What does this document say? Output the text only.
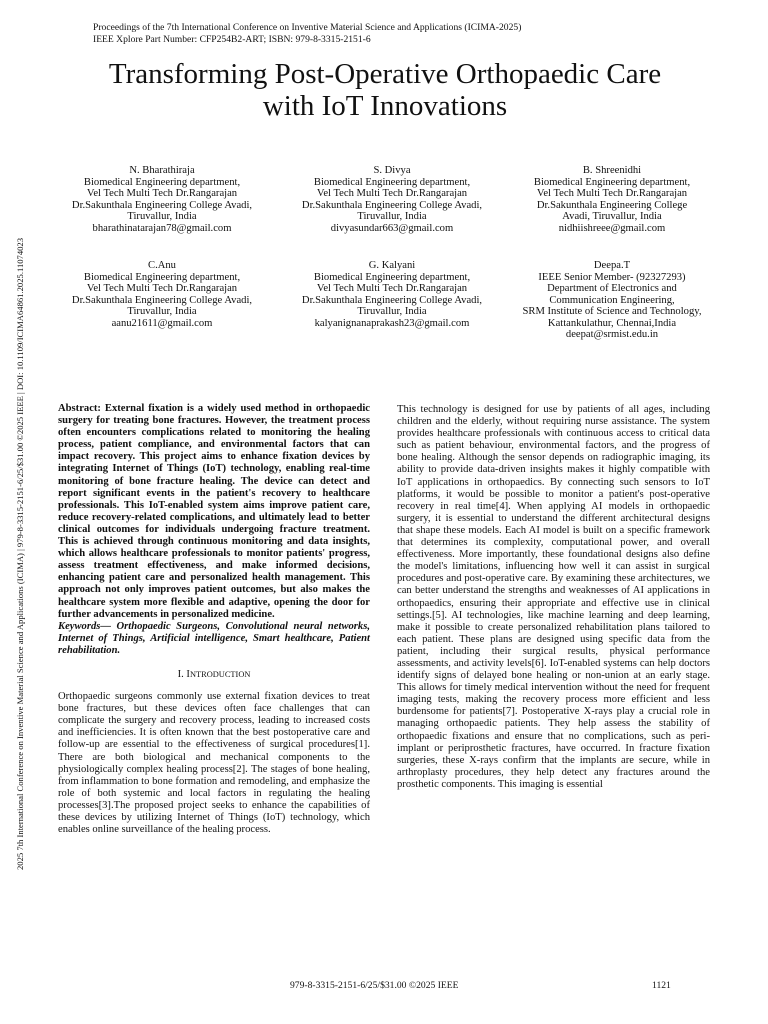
Proceedings of the 7th International Conference on Inventive Material Science and Applications (ICIMA-2025)
IEEE Xplore Part Number: CFP254B2-ART; ISBN: 979-8-3315-2151-6
Transforming Post-Operative Orthopaedic Care
with IoT Innovations
N. Bharathiraja
Biomedical Engineering department,
Vel Tech Multi Tech Dr.Rangarajan
Dr.Sakunthala Engineering College Avadi,
Tiruvallur, India
bharathinatarajan78@gmail.com
S. Divya
Biomedical Engineering department,
Vel Tech Multi Tech Dr.Rangarajan
Dr.Sakunthala Engineering College Avadi,
Tiruvallur, India
divyasundar663@gmail.com
B. Shreenidhi
Biomedical Engineering department,
Vel Tech Multi Tech Dr.Rangarajan
Dr.Sakunthala Engineering College
Avadi, Tiruvallur, India
nidhiishreee@gmail.com
C.Anu
Biomedical Engineering department,
Vel Tech Multi Tech Dr.Rangarajan
Dr.Sakunthala Engineering College Avadi,
Tiruvallur, India
aanu21611@gmail.com
G. Kalyani
Biomedical Engineering department,
Vel Tech Multi Tech Dr.Rangarajan
Dr.Sakunthala Engineering College Avadi,
Tiruvallur, India
kalyanignanaprakash23@gmail.com
Deepa.T
IEEE Senior Member- (92327293)
Department of Electronics and
Communication Engineering,
SRM Institute of Science and Technology,
Kattankulathur, Chennai,India
deepat@srmist.edu.in
2025 7th International Conference on Inventive Material Science and Applications (ICIMA) | 979-8-3315-2151-6/25/$31.00 ©2025 IEEE | DOI: 10.1109/ICIMA64861.2025.11074023	Abstract: External fixation is a widely used method in orthopaedic surgery for treating bone fractures. However, the treatment process often encounters complications related to monitoring the healing process, patient compliance, and environmental factors that can impact recovery. This project aims to enhance fixation devices by integrating Internet of Things (IoT) technology, enabling real-time monitoring of bone fracture healing. The device can detect and report significant events in the patient's recovery to healthcare professionals. This IoT-enabled system aims improve patient care, reduce recovery-related complications, and ultimately lead to better clinical outcomes for individuals undergoing fracture treatment. This is achieved through continuous monitoring and data insights, which allows healthcare professionals to monitor patients' progress, assess treatment effectiveness, and make informed decisions, enhancing patient care and personalized health management. This approach not only improves patient outcomes, but also makes the healthcare system more flexible and adaptive, opening the door for further advancements in personalized medicine.

Keywords— Orthopaedic Surgeons, Convolutional neural networks, Internet of Things, Artificial intelligence, Smart healthcare, Patient rehabilitation.

I. INTRODUCTION

Orthopaedic surgeons commonly use external fixation devices to treat bone fractures, but these devices often face challenges that can complicate the surgery and recovery process, leading to increased costs and inefficiencies. It is often known that the best postoperative care and follow-up are essential to the effectiveness of surgical procedures[1]. There are both biological and mechanical components to the physiologically complex healing process[2]. The stages of bone healing, from inflammation to bone formation and remodeling, and emphasize the role of both systemic and local factors in regulating the healing processes[3].The proposed project seeks to enhance the capabilities of these devices by utilizing Internet of Things (IoT) technology, which enables online surveillance of the healing process.

This technology is designed for use by patients of all ages, including children and the elderly, without requiring nurse assistance. The system provides healthcare professionals with continuous access to critical data such as patient behaviour, environmental factors, and the progress of bone healing. Although the sensor depends on radiographic imaging, its ability to provide data-driven insights makes it highly compatible with IoT applications in orthopaedics. By connecting such sensors to IoT platforms, it would be possible to monitor a patient's post-operative recovery in real time[4]. When applying AI models in orthopaedic surgery, it is essential to understand the different architectural designs that shape these models. Each AI model is built on a specific framework that determines its complexity, computational power, and overall effectiveness. More importantly, these foundational designs also define the model's limitations, influencing how well it can assist in surgical procedures and post-operative care. By examining these architectures, we can better understand the strengths and weaknesses of AI applications in orthopaedics, ensuring their appropriate and effective use in clinical settings.[5]. AI technologies, like machine learning and deep learning, make it possible to create personalized rehabilitation plans tailored to each patient. These plans are designed using specific data from the patient, including their surgical results, physical performance assessments, and activity levels[6]. IoT-enabled systems can help doctors identify signs of delayed bone healing or non-union at an early stage. This allows for timely medical intervention without the need for frequent imaging tests, making the recovery process more efficient and less burdensome for patients[7]. Postoperative X-rays play a crucial role in managing orthopaedic patients. They help assess the stability of orthopaedic fixations and ensure that no complications, such as peri-implant or periprosthetic fractures, have occurred. In fracture fixation surgeries, these X-rays confirm that the implants are secure, while in arthroplasty procedures, they help detect any fractures around the prosthetic components. This imaging is essential

979-8-3315-2151-6/25/$31.00 ©2025 IEEE	1121
